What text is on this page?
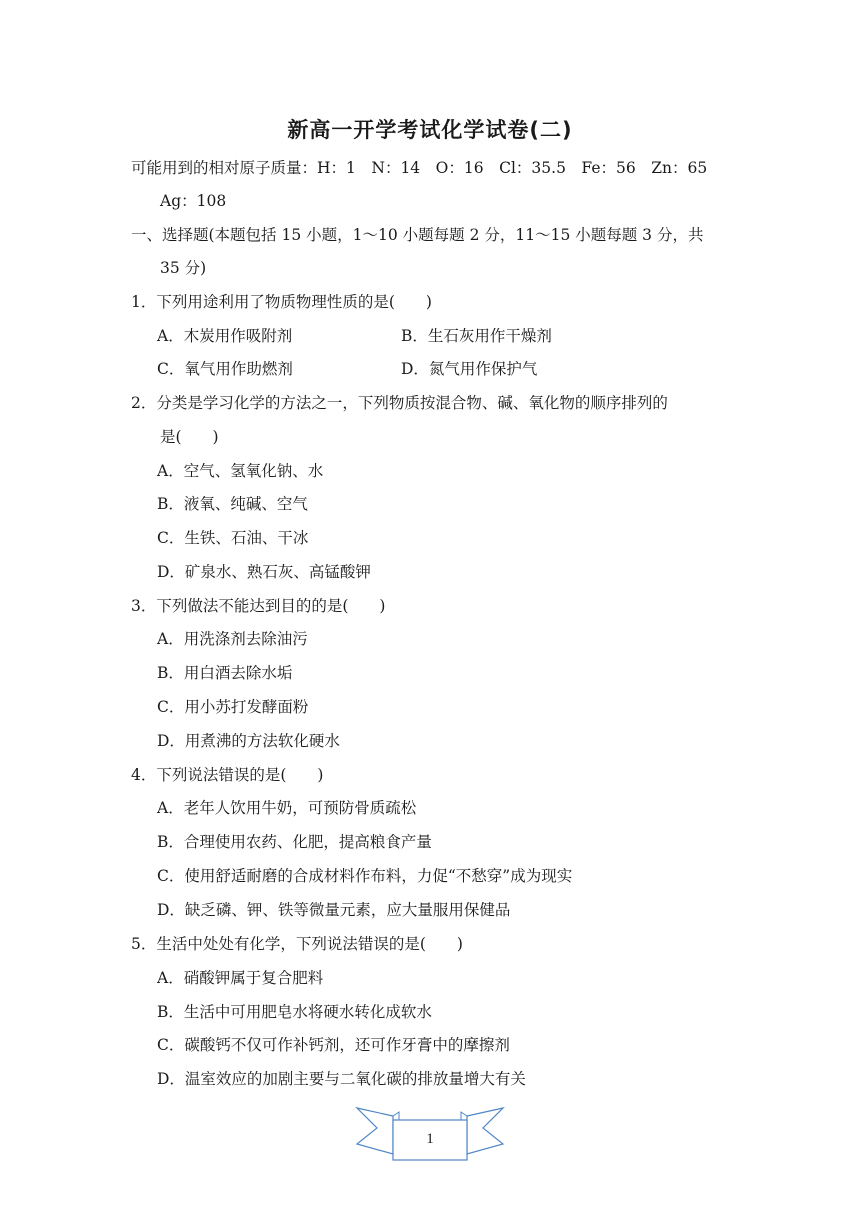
新高一开学考试化学试卷(二)
可能用到的相对原子质量：H：1　N：14　O：16　Cl：35.5　Fe：56　Zn：65
Ag：108
一、选择题(本题包括 15 小题，1～10 小题每题 2 分，11～15 小题每题 3 分，共
35 分)
1．下列用途利用了物质物理性质的是(　　)
A．木炭用作吸附剂	B．生石灰用作干燥剂
C．氧气用作助燃剂	D．氮气用作保护气
2．分类是学习化学的方法之一，下列物质按混合物、碱、氧化物的顺序排列的
是(　　)
A．空气、氢氧化钠、水
B．液氧、纯碱、空气
C．生铁、石油、干冰
D．矿泉水、熟石灰、高锰酸钾
3．下列做法不能达到目的的是(　　)
A．用洗涤剂去除油污
B．用白酒去除水垢
C．用小苏打发酵面粉
D．用煮沸的方法软化硬水
4．下列说法错误的是(　　)
A．老年人饮用牛奶，可预防骨质疏松
B．合理使用农药、化肥，提高粮食产量
C．使用舒适耐磨的合成材料作布料，力促“不愁穿”成为现实
D．缺乏磷、钾、铁等微量元素，应大量服用保健品
5．生活中处处有化学，下列说法错误的是(　　)
A．硝酸钾属于复合肥料
B．生活中可用肥皂水将硬水转化成软水
C．碳酸钙不仅可作补钙剂，还可作牙膏中的摩擦剂
D．温室效应的加剧主要与二氧化碳的排放量增大有关
1
